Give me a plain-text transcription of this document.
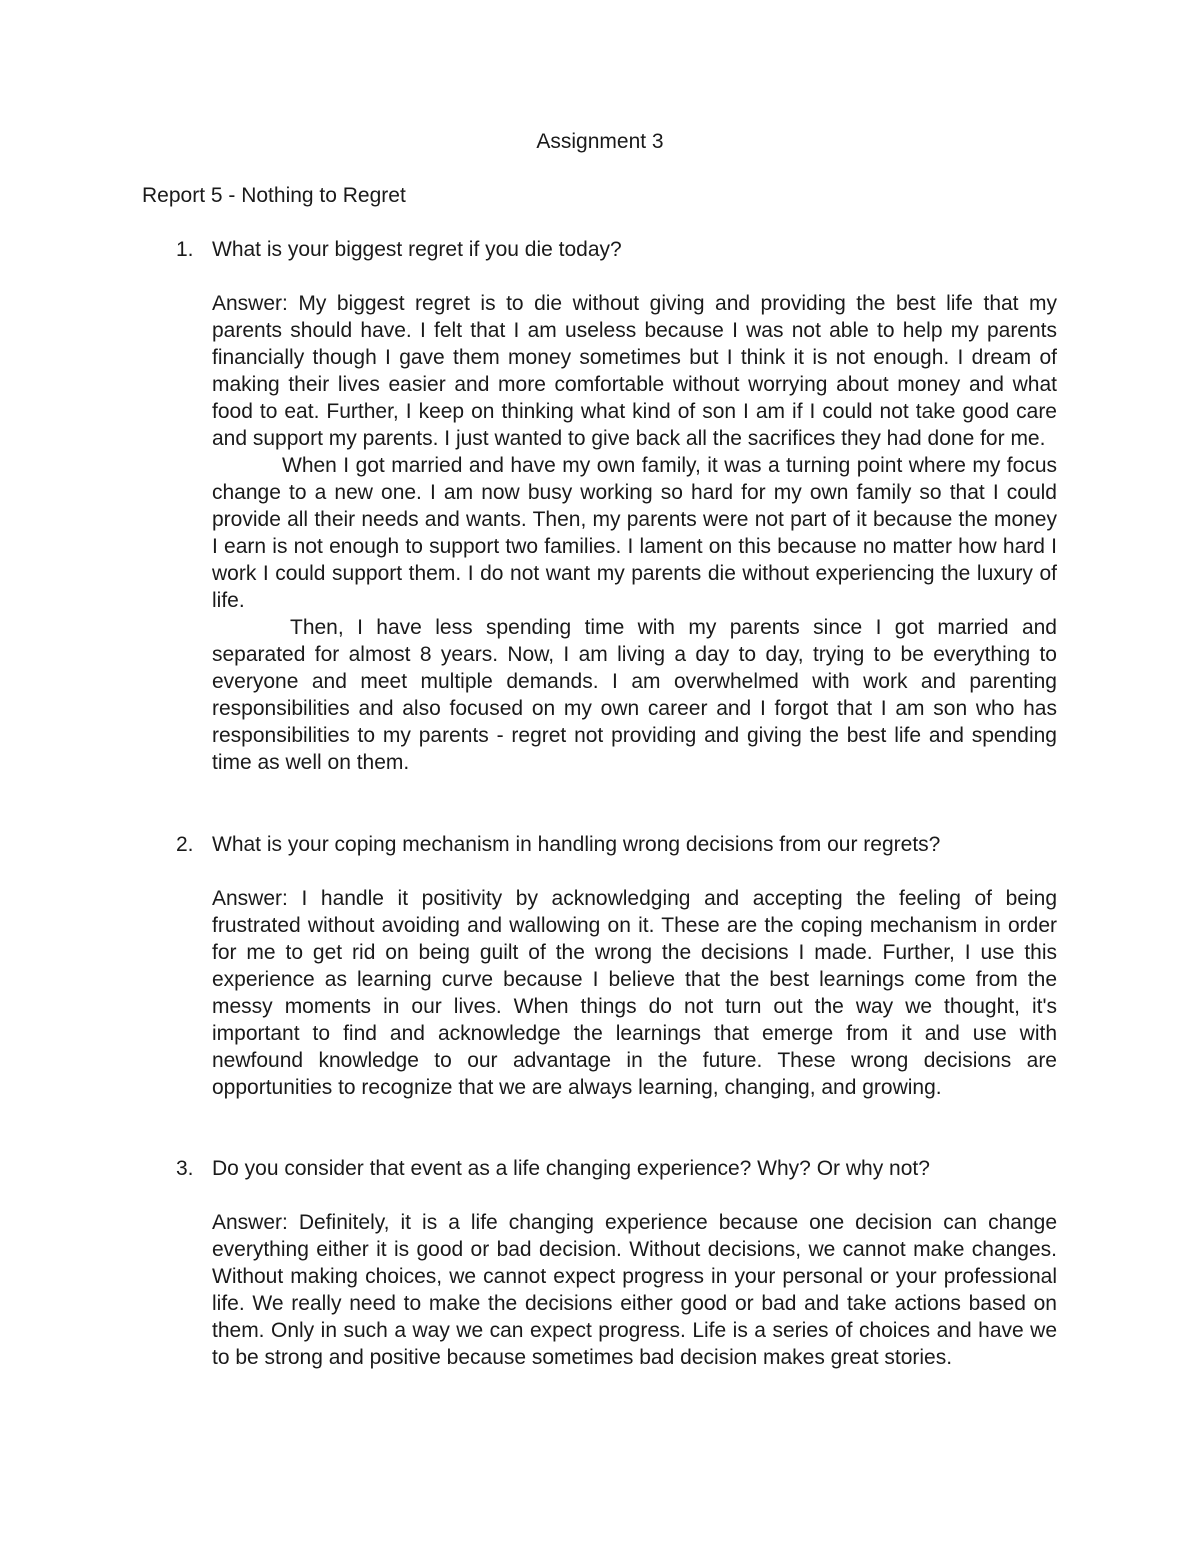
Assignment 3
Report 5 - Nothing to Regret
1. What is your biggest regret if you die today?

Answer: My biggest regret is to die without giving and providing the best life that my parents should have. I felt that I am useless because I was not able to help my parents financially though I gave them money sometimes but I think it is not enough. I dream of making their lives easier and more comfortable without worrying about money and what food to eat. Further, I keep on thinking what kind of son I am if I could not take good care and support my parents. I just wanted to give back all the sacrifices they had done for me.

When I got married and have my own family, it was a turning point where my focus change to a new one. I am now busy working so hard for my own family so that I could provide all their needs and wants. Then, my parents were not part of it because the money I earn is not enough to support two families. I lament on this because no matter how hard I work I could support them. I do not want my parents die without experiencing the luxury of life.

Then, I have less spending time with my parents since I got married and separated for almost 8 years. Now, I am living a day to day, trying to be everything to everyone and meet multiple demands. I am overwhelmed with work and parenting responsibilities and also focused on my own career and I forgot that I am son who has responsibilities to my parents - regret not providing and giving the best life and spending time as well on them.

2. What is your coping mechanism in handling wrong decisions from our regrets?

Answer: I handle it positivity by acknowledging and accepting the feeling of being frustrated without avoiding and wallowing on it. These are the coping mechanism in order for me to get rid on being guilt of the wrong the decisions I made. Further, I use this experience as learning curve because I believe that the best learnings come from the messy moments in our lives. When things do not turn out the way we thought, it's important to find and acknowledge the learnings that emerge from it and use with newfound knowledge to our advantage in the future. These wrong decisions are opportunities to recognize that we are always learning, changing, and growing.

3. Do you consider that event as a life changing experience? Why? Or why not?

Answer: Definitely, it is a life changing experience because one decision can change everything either it is good or bad decision. Without decisions, we cannot make changes. Without making choices, we cannot expect progress in your personal or your professional life. We really need to make the decisions either good or bad and take actions based on them. Only in such a way we can expect progress. Life is a series of choices and have we to be strong and positive because sometimes bad decision makes great stories.
